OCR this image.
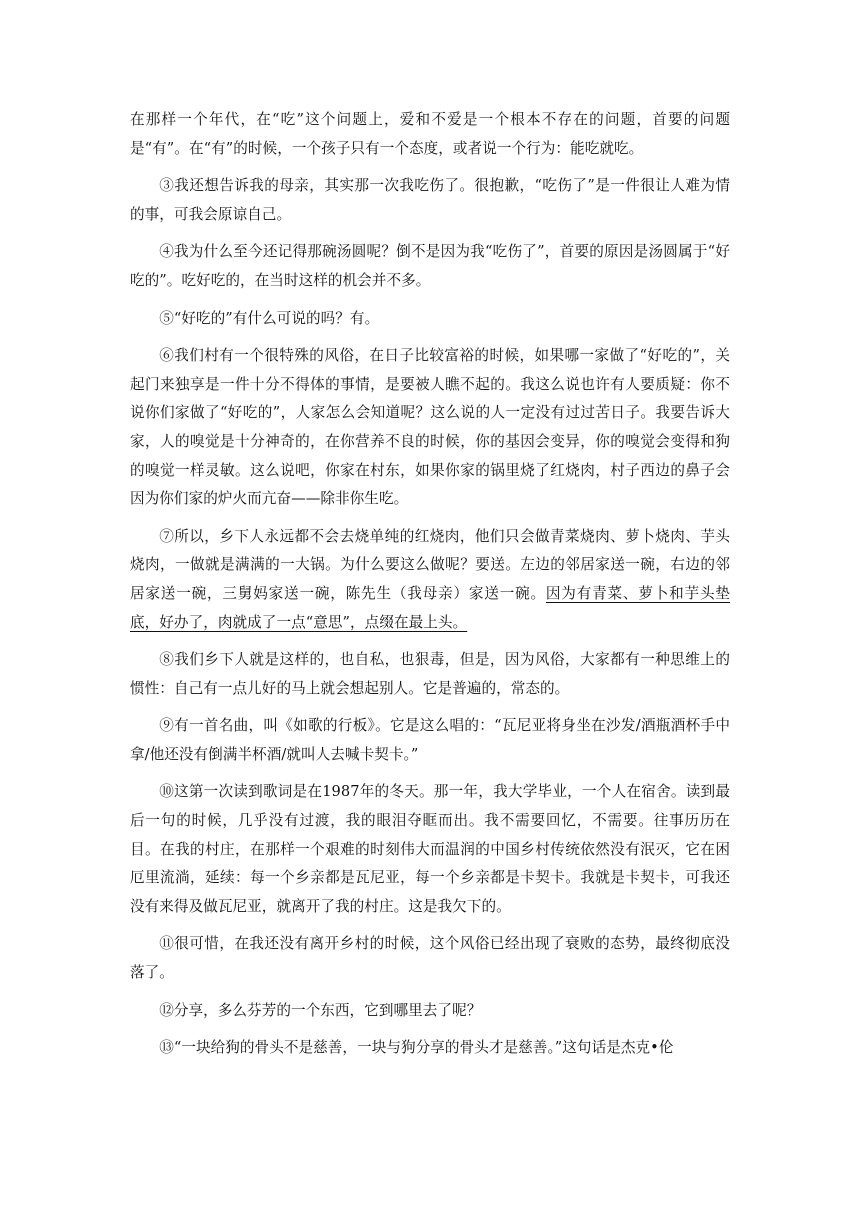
在那样一个年代，在“吃”这个问题上，爱和不爱是一个根本不存在的问题，首要的问题是“有”。在“有”的时候，一个孩子只有一个态度，或者说一个行为：能吃就吃。

③我还想告诉我的母亲，其实那一次我吃伤了。很抱歉，“吃伤了”是一件很让人难为情的事，可我会原谅自己。

④我为什么至今还记得那碗汤圆呢？倒不是因为我“吃伤了”，首要的原因是汤圆属于“好吃的”。吃好吃的，在当时这样的机会并不多。

⑤“好吃的”有什么可说的吗？有。

⑥我们村有一个很特殊的风俗，在日子比较富裕的时候，如果哪一家做了“好吃的”，关起门来独享是一件十分不得体的事情，是要被人瞧不起的。我这么说也许有人要质疑：你不说你们家做了“好吃的”，人家怎么会知道呢？这么说的人一定没有过过苦日子。我要告诉大家，人的嗅觉是十分神奇的，在你营养不良的时候，你的基因会变异，你的嗅觉会变得和狗的嗅觉一样灵敏。这么说吧，你家在村东，如果你家的锅里烧了红烧肉，村子西边的鼻子会因为你们家的炉火而亢奋——除非你生吃。

⑦所以，乡下人永远都不会去烧单纯的红烧肉，他们只会做青菜烧肉、萝卜烧肉、芋头烧肉，一做就是满满的一大锅。为什么要这么做呢？要送。左边的邻居家送一碗，右边的邻居家送一碗，三舅妈家送一碗，陈先生（我母亲）家送一碗。因为有青菜、萝卜和芋头垫底，好办了，肉就成了一点“意思”，点缀在最上头。

⑧我们乡下人就是这样的，也自私，也狠毒，但是，因为风俗，大家都有一种思维上的惯性：自己有一点儿好的马上就会想起别人。它是普遍的，常态的。

⑨有一首名曲，叫《如歌的行板》。它是这么唱的：“瓦尼亚将身坐在沙发/酒瓶酒杯手中拿/他还没有倒满半杯酒/就叫人去喊卡契卡。”

⑩这第一次读到歌词是在1987年的冬天。那一年，我大学毕业，一个人在宿舍。读到最后一句的时候，几乎没有过渡，我的眼泪夺眶而出。我不需要回忆，不需要。往事历历在目。在我的村庄，在那样一个艰难的时刻伟大而温润的中国乡村传统依然没有泯灭，它在困厄里流淌，延续：每一个乡亲都是瓦尼亚，每一个乡亲都是卡契卡。我就是卡契卡，可我还没有来得及做瓦尼亚，就离开了我的村庄。这是我欠下的。

⑪很可惜，在我还没有离开乡村的时候，这个风俗已经出现了衰败的态势，最终彻底没落了。

⑫分享，多么芬芳的一个东西，它到哪里去了呢？

⑬“一块给狗的骨头不是慈善，一块与狗分享的骨头才是慈善。”这句话是杰克•伦
